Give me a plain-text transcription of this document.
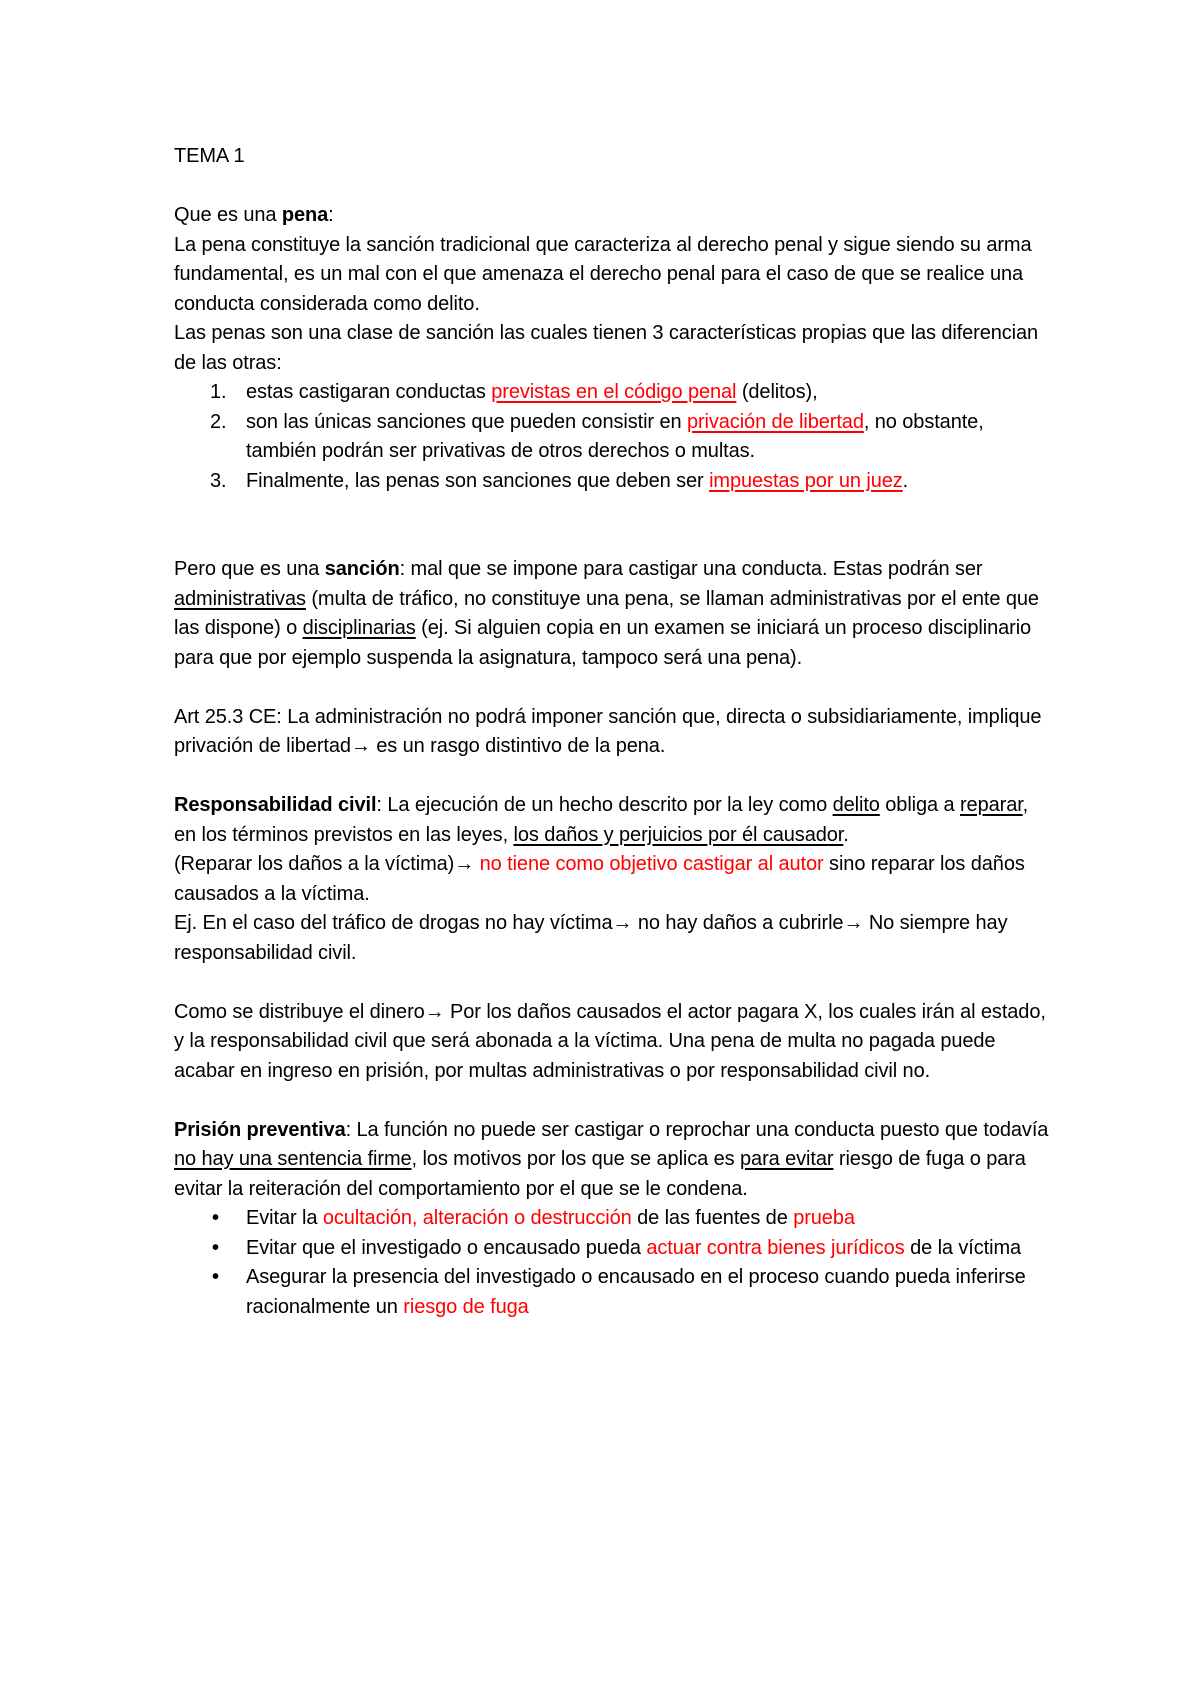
TEMA 1

Que es una pena:

La pena constituye la sanción tradicional que caracteriza al derecho penal y sigue siendo su arma fundamental, es un mal con el que amenaza el derecho penal para el caso de que se realice una conducta considerada como delito.

Las penas son una clase de sanción las cuales tienen 3 características propias que las diferencian de las otras:

1. estas castigaran conductas previstas en el código penal (delitos),
2. son las únicas sanciones que pueden consistir en privación de libertad, no obstante, también podrán ser privativas de otros derechos o multas.
3. Finalmente, las penas son sanciones que deben ser impuestas por un juez.

Pero que es una sanción: mal que se impone para castigar una conducta. Estas podrán ser administrativas (multa de tráfico, no constituye una pena, se llaman administrativas por el ente que las dispone) o disciplinarias (ej. Si alguien copia en un examen se iniciará un proceso disciplinario para que por ejemplo suspenda la asignatura, tampoco será una pena).

Art 25.3 CE: La administración no podrá imponer sanción que, directa o subsidiariamente, implique privación de libertad→ es un rasgo distintivo de la pena.

Responsabilidad civil: La ejecución de un hecho descrito por la ley como delito obliga a reparar, en los términos previstos en las leyes, los daños y perjuicios por él causador.

(Reparar los daños a la víctima)→ no tiene como objetivo castigar al autor sino reparar los daños causados a la víctima.

Ej. En el caso del tráfico de drogas no hay víctima→ no hay daños a cubrirle→ No siempre hay responsabilidad civil.

Como se distribuye el dinero→ Por los daños causados el actor pagara X, los cuales irán al estado, y la responsabilidad civil que será abonada a la víctima. Una pena de multa no pagada puede acabar en ingreso en prisión, por multas administrativas o por responsabilidad civil no.

Prisión preventiva: La función no puede ser castigar o reprochar una conducta puesto que todavía no hay una sentencia firme, los motivos por los que se aplica es para evitar riesgo de fuga o para evitar la reiteración del comportamiento por el que se le condena.

• Evitar la ocultación, alteración o destrucción de las fuentes de prueba
• Evitar que el investigado o encausado pueda actuar contra bienes jurídicos de la víctima
• Asegurar la presencia del investigado o encausado en el proceso cuando pueda inferirse racionalmente un riesgo de fuga
